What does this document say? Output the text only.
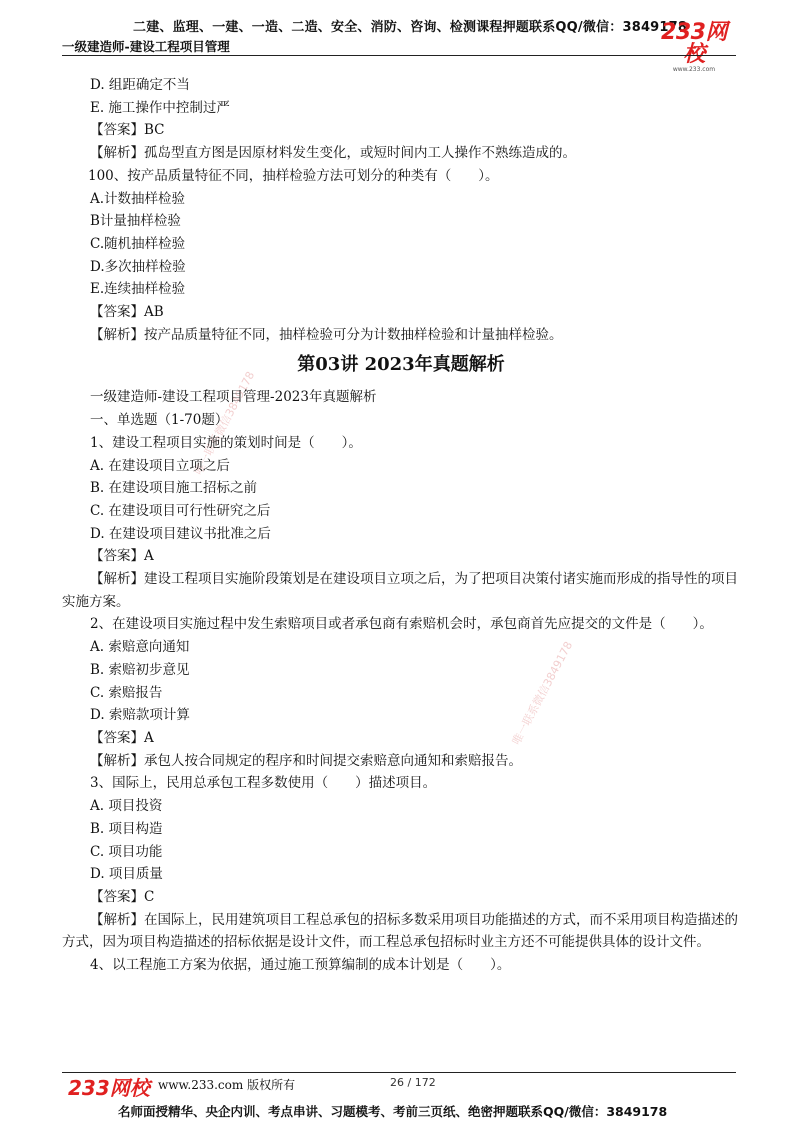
二建、监理、一建、一造、二造、安全、消防、咨询、检测课程押题联系QQ/微信：3849178
一级建造师-建设工程项目管理
233网校
www.233.com
唯一联系微信3849178
唯一联系微信3849178
D. 组距确定不当
E. 施工操作中控制过严
【答案】BC
【解析】孤岛型直方图是因原材料发生变化，或短时间内工人操作不熟练造成的。
100、按产品质量特征不同，抽样检验方法可划分的种类有（　　）。
A.计数抽样检验
B计量抽样检验
C.随机抽样检验
D.多次抽样检验
E.连续抽样检验
【答案】AB
【解析】按产品质量特征不同，抽样检验可分为计数抽样检验和计量抽样检验。
第03讲 2023年真题解析
一级建造师-建设工程项目管理-2023年真题解析
一、单选题（1-70题）
1、建设工程项目实施的策划时间是（　　）。
A. 在建设项目立项之后
B. 在建设项目施工招标之前
C. 在建设项目可行性研究之后
D. 在建设项目建议书批准之后
【答案】A
【解析】建设工程项目实施阶段策划是在建设项目立项之后，为了把项目决策付诸实施而形成的指导性的项目实施方案。
2、在建设项目实施过程中发生索赔项目或者承包商有索赔机会时，承包商首先应提交的文件是（　　）。
A. 索赔意向通知
B. 索赔初步意见
C. 索赔报告
D. 索赔款项计算
【答案】A
【解析】承包人按合同规定的程序和时间提交索赔意向通知和索赔报告。
3、国际上，民用总承包工程多数使用（　　）描述项目。
A. 项目投资
B. 项目构造
C. 项目功能
D. 项目质量
【答案】C
【解析】在国际上，民用建筑项目工程总承包的招标多数采用项目功能描述的方式，而不采用项目构造描述的方式，因为项目构造描述的招标依据是设计文件，而工程总承包招标时业主方还不可能提供具体的设计文件。
4、以工程施工方案为依据，通过施工预算编制的成本计划是（　　）。
233网校 www.233.com 版权所有	26 / 172
名师面授精华、央企内训、考点串讲、习题模考、考前三页纸、绝密押题联系QQ/微信：3849178
